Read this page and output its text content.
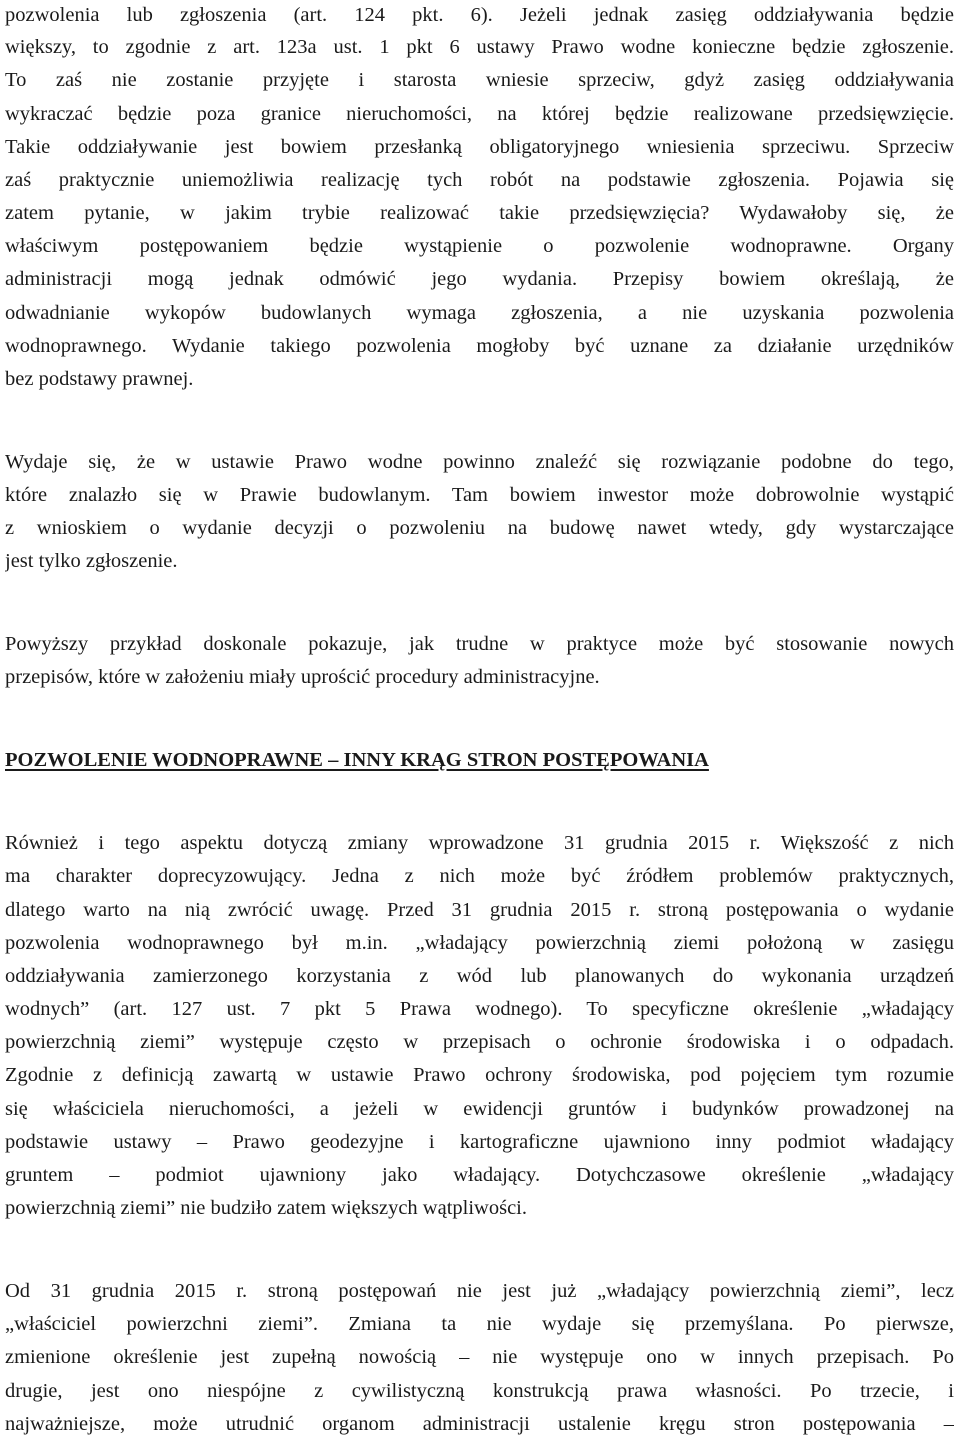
pozwolenia lub zgłoszenia (art. 124 pkt. 6). Jeżeli jednak zasięg oddziaływania będzie
większy, to zgodnie z art. 123a ust. 1 pkt 6 ustawy Prawo wodne konieczne będzie zgłoszenie.
To zaś nie zostanie przyjęte i starosta wniesie sprzeciw, gdyż zasięg oddziaływania
wykraczać będzie poza granice nieruchomości, na której będzie realizowane przedsięwzięcie.
Takie oddziaływanie jest bowiem przesłanką obligatoryjnego wniesienia sprzeciwu. Sprzeciw
zaś praktycznie uniemożliwia realizację tych robót na podstawie zgłoszenia. Pojawia się
zatem pytanie, w jakim trybie realizować takie przedsięwzięcia? Wydawałoby się, że
właściwym postępowaniem będzie wystąpienie o pozwolenie wodnoprawne. Organy
administracji mogą jednak odmówić jego wydania. Przepisy bowiem określają, że
odwadnianie wykopów budowlanych wymaga zgłoszenia, a nie uzyskania pozwolenia
wodnoprawnego. Wydanie takiego pozwolenia mogłoby być uznane za działanie urzędników
bez podstawy prawnej.
Wydaje się, że w ustawie Prawo wodne powinno znaleźć się rozwiązanie podobne do tego,
które znalazło się w Prawie budowlanym. Tam bowiem inwestor może dobrowolnie wystąpić
z wnioskiem o wydanie decyzji o pozwoleniu na budowę nawet wtedy, gdy wystarczające
jest tylko zgłoszenie.
Powyższy przykład doskonale pokazuje, jak trudne w praktyce może być stosowanie nowych
przepisów, które w założeniu miały uprościć procedury administracyjne.
POZWOLENIE WODNOPRAWNE – INNY KRĄG STRON POSTĘPOWANIA
Również i tego aspektu dotyczą zmiany wprowadzone 31 grudnia 2015 r. Większość z nich
ma charakter doprecyzowujący. Jedna z nich może być źródłem problemów praktycznych,
dlatego warto na nią zwrócić uwagę. Przed 31 grudnia 2015 r. stroną postępowania o wydanie
pozwolenia wodnoprawnego był m.in. „władający powierzchnią ziemi położoną w zasięgu
oddziaływania zamierzonego korzystania z wód lub planowanych do wykonania urządzeń
wodnych” (art. 127 ust. 7 pkt 5 Prawa wodnego). To specyficzne określenie „władający
powierzchnią ziemi” występuje często w przepisach o ochronie środowiska i o odpadach.
Zgodnie z definicją zawartą w ustawie Prawo ochrony środowiska, pod pojęciem tym rozumie
się właściciela nieruchomości, a jeżeli w ewidencji gruntów i budynków prowadzonej na
podstawie ustawy – Prawo geodezyjne i kartograficzne ujawniono inny podmiot władający
gruntem – podmiot ujawniony jako władający. Dotychczasowe określenie „władający
powierzchnią ziemi” nie budziło zatem większych wątpliwości.
Od 31 grudnia 2015 r. stroną postępowań nie jest już „władający powierzchnią ziemi”, lecz
„właściciel powierzchni ziemi”. Zmiana ta nie wydaje się przemyślana. Po pierwsze,
zmienione określenie jest zupełną nowością – nie występuje ono w innych przepisach. Po
drugie, jest ono niespójne z cywilistyczną konstrukcją prawa własności. Po trzecie, i
najważniejsze, może utrudnić organom administracji ustalenie kręgu stron postępowania –
